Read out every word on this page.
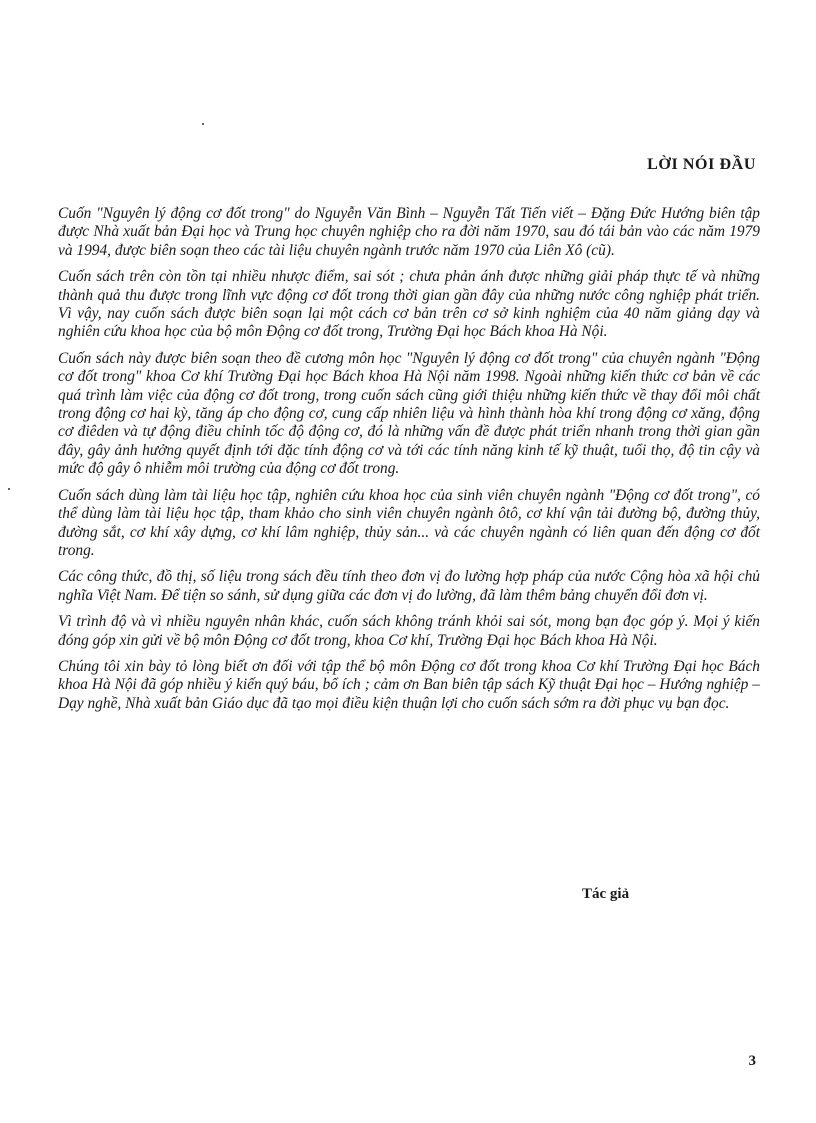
LỜI NÓI ĐẦU

Cuốn "Nguyên lý động cơ đốt trong" do Nguyễn Văn Bình – Nguyễn Tất Tiến viết – Đặng Đức Hướng biên tập được Nhà xuất bản Đại học và Trung học chuyên nghiệp cho ra đời năm 1970, sau đó tái bản vào các năm 1979 và 1994, được biên soạn theo các tài liệu chuyên ngành trước năm 1970 của Liên Xô (cũ).

Cuốn sách trên còn tồn tại nhiều nhược điểm, sai sót ; chưa phản ánh được những giải pháp thực tế và những thành quả thu được trong lĩnh vực động cơ đốt trong thời gian gần đây của những nước công nghiệp phát triển. Vì vậy, nay cuốn sách được biên soạn lại một cách cơ bản trên cơ sở kinh nghiệm của 40 năm giảng dạy và nghiên cứu khoa học của bộ môn Động cơ đốt trong, Trường Đại học Bách khoa Hà Nội.

Cuốn sách này được biên soạn theo đề cương môn học "Nguyên lý động cơ đốt trong" của chuyên ngành "Động cơ đốt trong" khoa Cơ khí Trường Đại học Bách khoa Hà Nội năm 1998. Ngoài những kiến thức cơ bản về các quá trình làm việc của động cơ đốt trong, trong cuốn sách cũng giới thiệu những kiến thức về thay đổi môi chất trong động cơ hai kỳ, tăng áp cho động cơ, cung cấp nhiên liệu và hình thành hòa khí trong động cơ xăng, động cơ điêden và tự động điều chỉnh tốc độ động cơ, đó là những vấn đề được phát triển nhanh trong thời gian gần đây, gây ảnh hưởng quyết định tới đặc tính động cơ và tới các tính năng kinh tế kỹ thuật, tuổi thọ, độ tin cậy và mức độ gây ô nhiễm môi trường của động cơ đốt trong.

Cuốn sách dùng làm tài liệu học tập, nghiên cứu khoa học của sinh viên chuyên ngành "Động cơ đốt trong", có thể dùng làm tài liệu học tập, tham khảo cho sinh viên chuyên ngành ôtô, cơ khí vận tải đường bộ, đường thủy, đường sắt, cơ khí xây dựng, cơ khí lâm nghiệp, thủy sản... và các chuyên ngành có liên quan đến động cơ đốt trong.

Các công thức, đồ thị, số liệu trong sách đều tính theo đơn vị đo lường hợp pháp của nước Cộng hòa xã hội chủ nghĩa Việt Nam. Để tiện so sánh, sử dụng giữa các đơn vị đo lường, đã làm thêm bảng chuyển đổi đơn vị.

Vì trình độ và vì nhiều nguyên nhân khác, cuốn sách không tránh khỏi sai sót, mong bạn đọc góp ý. Mọi ý kiến đóng góp xin gửi về bộ môn Động cơ đốt trong, khoa Cơ khí, Trường Đại học Bách khoa Hà Nội.

Chúng tôi xin bày tỏ lòng biết ơn đối với tập thể bộ môn Động cơ đốt trong khoa Cơ khí Trường Đại học Bách khoa Hà Nội đã góp nhiều ý kiến quý báu, bổ ích ; cảm ơn Ban biên tập sách Kỹ thuật Đại học – Hướng nghiệp – Dạy nghề, Nhà xuất bản Giáo dục đã tạo mọi điều kiện thuận lợi cho cuốn sách sớm ra đời phục vụ bạn đọc.

Tác giả

3
